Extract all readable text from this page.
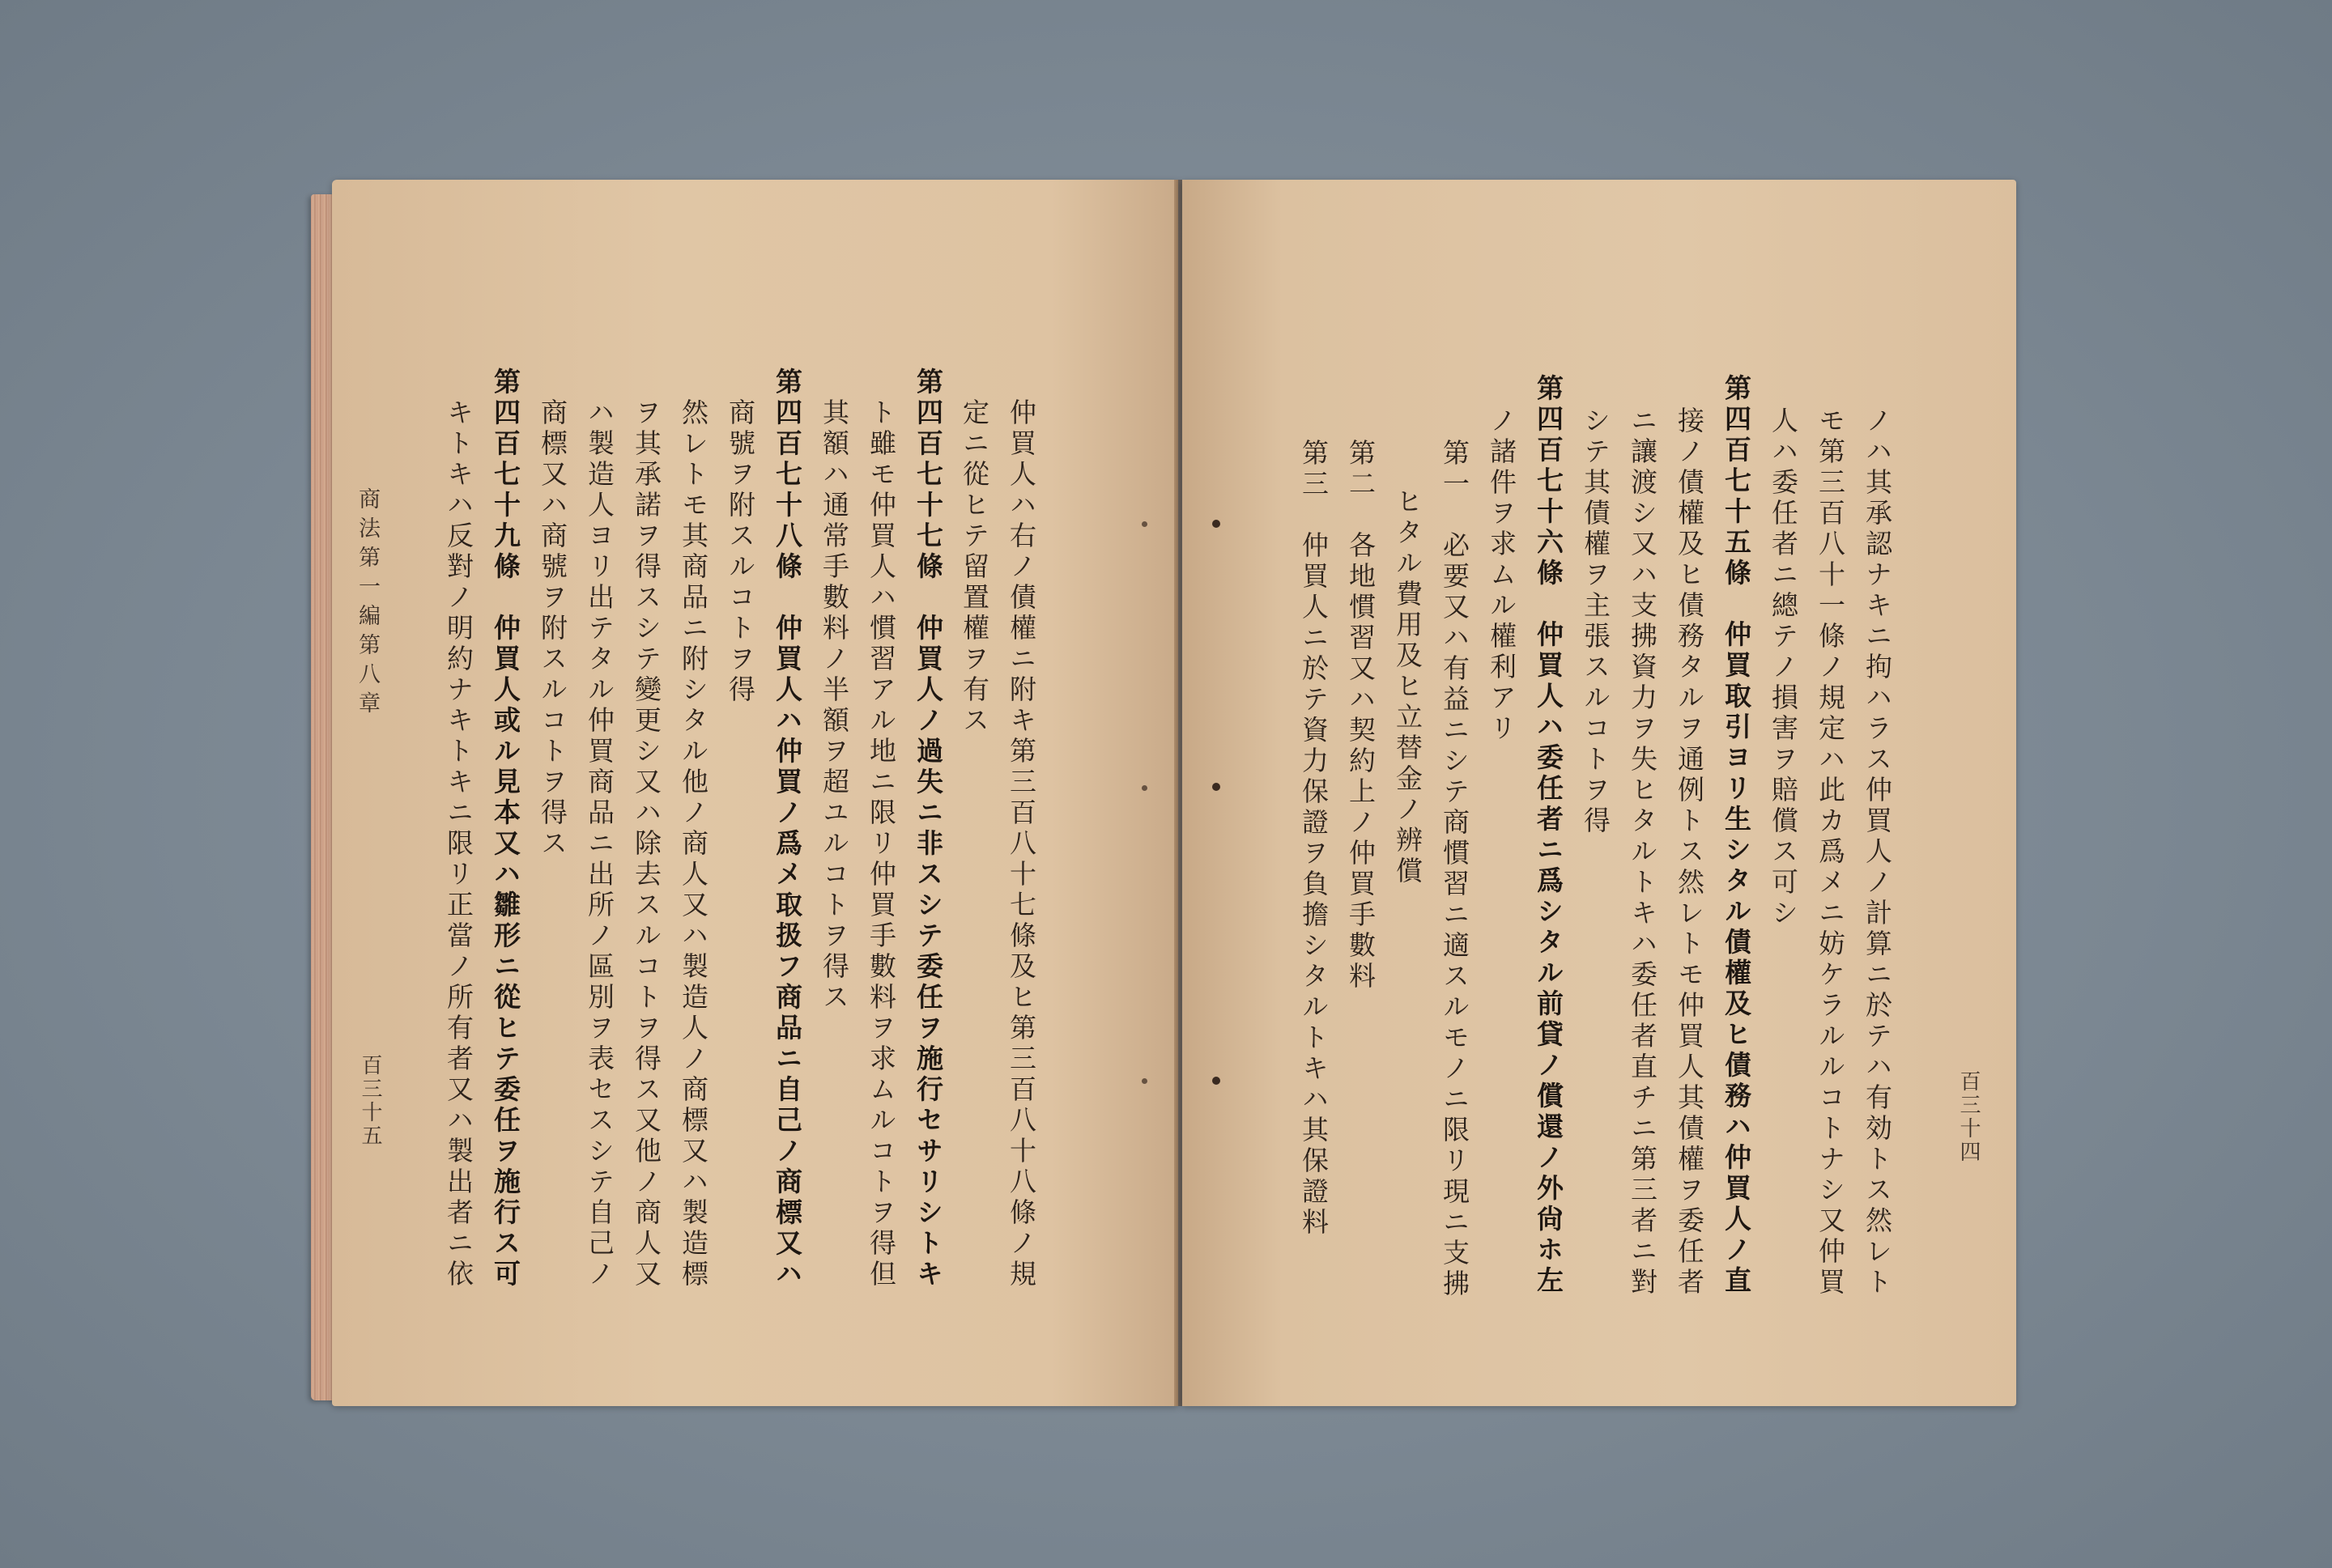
仲買人ハ右ノ債權ニ附キ第三百八十七條及ヒ第三百八十八條ノ規
定ニ從ヒテ留置權ヲ有ス
第四百七十七條　仲買人ノ過失ニ非スシテ委任ヲ施行セサリシトキ
ト雖モ仲買人ハ慣習アル地ニ限リ仲買手數料ヲ求ムルコトヲ得但
其額ハ通常手數料ノ半額ヲ超ユルコトヲ得ス
第四百七十八條　仲買人ハ仲買ノ爲メ取扱フ商品ニ自己ノ商標又ハ
商號ヲ附スルコトヲ得
然レトモ其商品ニ附シタル他ノ商人又ハ製造人ノ商標又ハ製造標
ヲ其承諾ヲ得スシテ變更シ又ハ除去スルコトヲ得ス又他ノ商人又
ハ製造人ヨリ出テタル仲買商品ニ出所ノ區別ヲ表セスシテ自己ノ
商標又ハ商號ヲ附スルコトヲ得ス
第四百七十九條　仲買人或ル見本又ハ雛形ニ從ヒテ委任ヲ施行ス可
キトキハ反對ノ明約ナキトキニ限リ正當ノ所有者又ハ製出者ニ依
商法第一編第八章
百三十五	百三十四
ノハ其承認ナキニ拘ハラス仲買人ノ計算ニ於テハ有効トス然レト
モ第三百八十一條ノ規定ハ此カ爲メニ妨ケラルルコトナシ又仲買
人ハ委任者ニ總テノ損害ヲ賠償ス可シ
第四百七十五條　仲買取引ヨリ生シタル債權及ヒ債務ハ仲買人ノ直
接ノ債權及ヒ債務タルヲ通例トス然レトモ仲買人其債權ヲ委任者
ニ讓渡シ又ハ支拂資力ヲ失ヒタルトキハ委任者直チニ第三者ニ對
シテ其債權ヲ主張スルコトヲ得
第四百七十六條　仲買人ハ委任者ニ爲シタル前貸ノ償還ノ外尙ホ左
ノ諸件ヲ求ムル權利アリ
第一　必要又ハ有益ニシテ商慣習ニ適スルモノニ限リ現ニ支拂
ヒタル費用及ヒ立替金ノ辨償
第二　各地慣習又ハ契約上ノ仲買手數料
第三　仲買人ニ於テ資力保證ヲ負擔シタルトキハ其保證料
